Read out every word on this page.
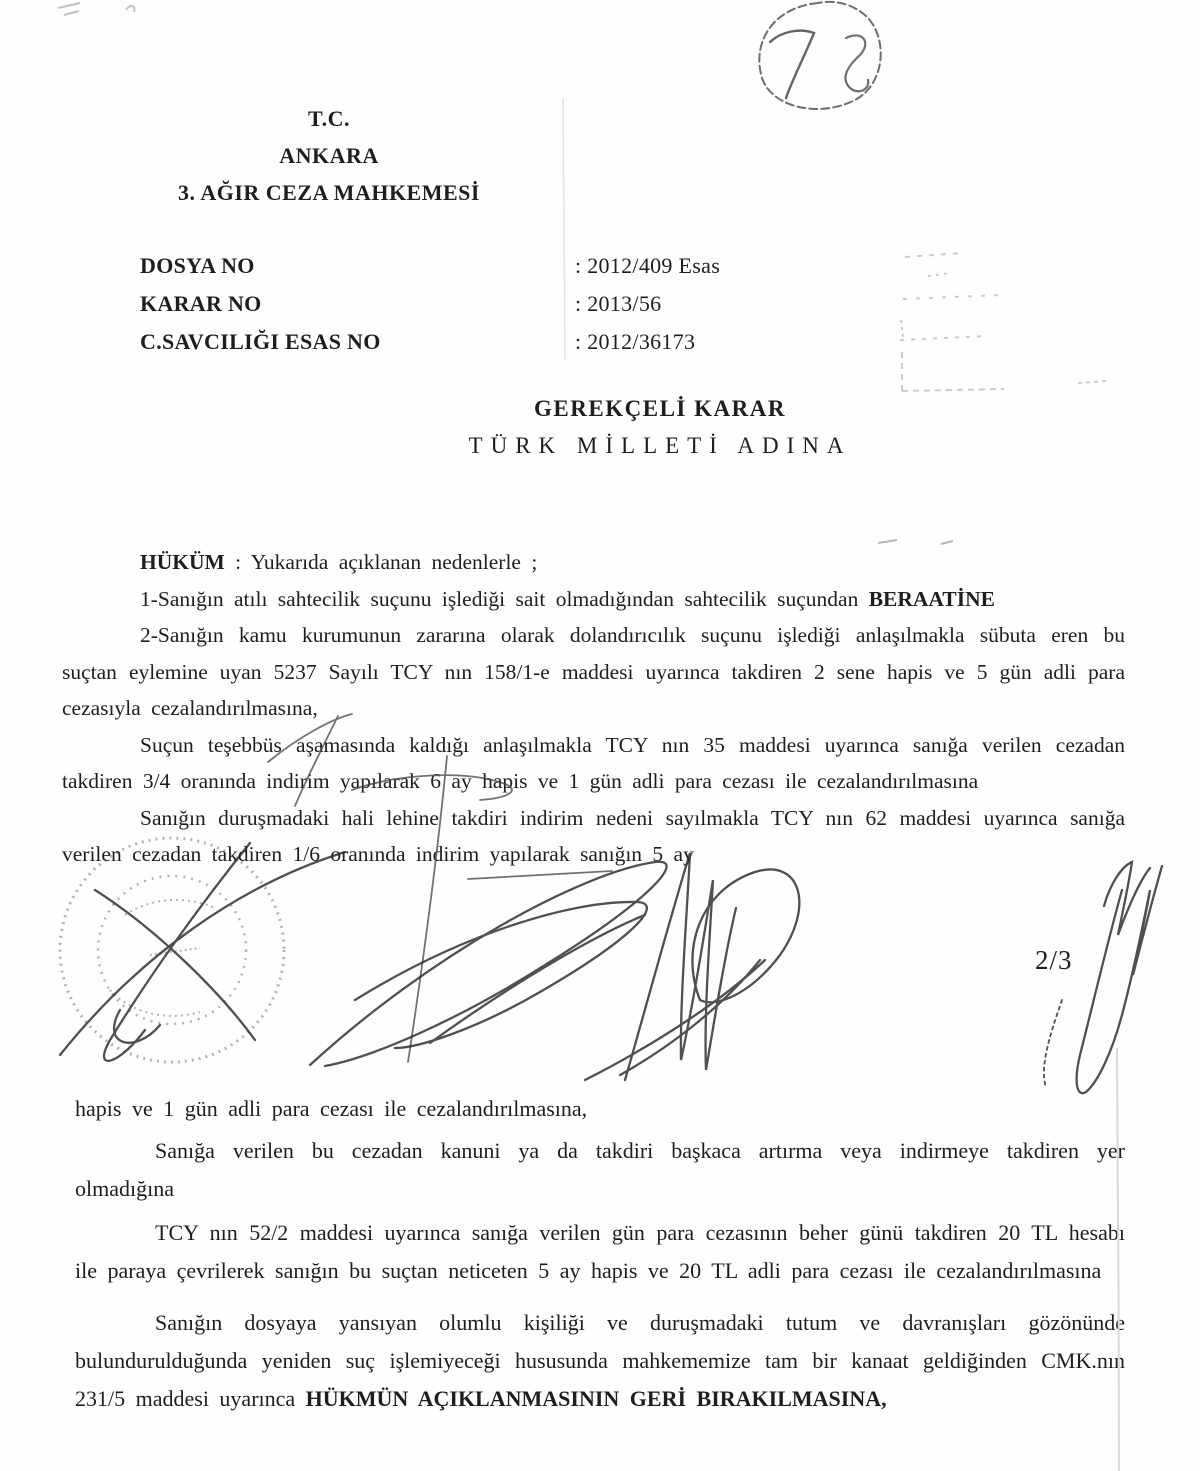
T.C.
ANKARA
3. AĞIR CEZA MAHKEMESİ
DOSYA NO	: 2012/409 Esas
KARAR NO	: 2013/56
C.SAVCILIĞI ESAS NO	: 2012/36173
GEREKÇELİ KARAR
TÜRK MİLLETİ ADINA

HÜKÜM : Yukarıda açıklanan nedenlerle ;

1-Sanığın atılı sahtecilik suçunu işlediği sait olmadığından sahtecilik suçundan BERAATİNE

2-Sanığın kamu kurumunun zararına olarak dolandırıcılık suçunu işlediği anlaşılmakla sübuta eren bu suçtan eylemine uyan 5237 Sayılı TCY nın 158/1-e maddesi uyarınca takdiren 2 sene hapis ve 5 gün adli para cezasıyla cezalandırılmasına,

Suçun teşebbüs aşamasında kaldığı anlaşılmakla TCY nın 35 maddesi uyarınca sanığa verilen cezadan takdiren 3/4 oranında indirim yapılarak 6 ay hapis ve 1 gün adli para cezası ile cezalandırılmasına

Sanığın duruşmadaki hali lehine takdiri indirim nedeni sayılmakla TCY nın 62 maddesi uyarınca sanığa verilen cezadan takdiren 1/6 oranında indirim yapılarak sanığın 5 ay

2/3

hapis ve 1 gün adli para cezası ile cezalandırılmasına,

Sanığa verilen bu cezadan kanuni ya da takdiri başkaca artırma veya indirmeye takdiren yer olmadığına

TCY nın 52/2 maddesi uyarınca sanığa verilen gün para cezasının beher günü takdiren 20 TL hesabı ile paraya çevrilerek sanığın bu suçtan neticeten 5 ay hapis ve 20 TL adli para cezası ile cezalandırılmasına

Sanığın dosyaya yansıyan olumlu kişiliği ve duruşmadaki tutum ve davranışları gözönünde bulundurulduğunda yeniden suç işlemiyeceği hususunda mahkememize tam bir kanaat geldiğinden CMK.nın 231/5 maddesi uyarınca HÜKMÜN AÇIKLANMASININ GERİ BIRAKILMASINA,
